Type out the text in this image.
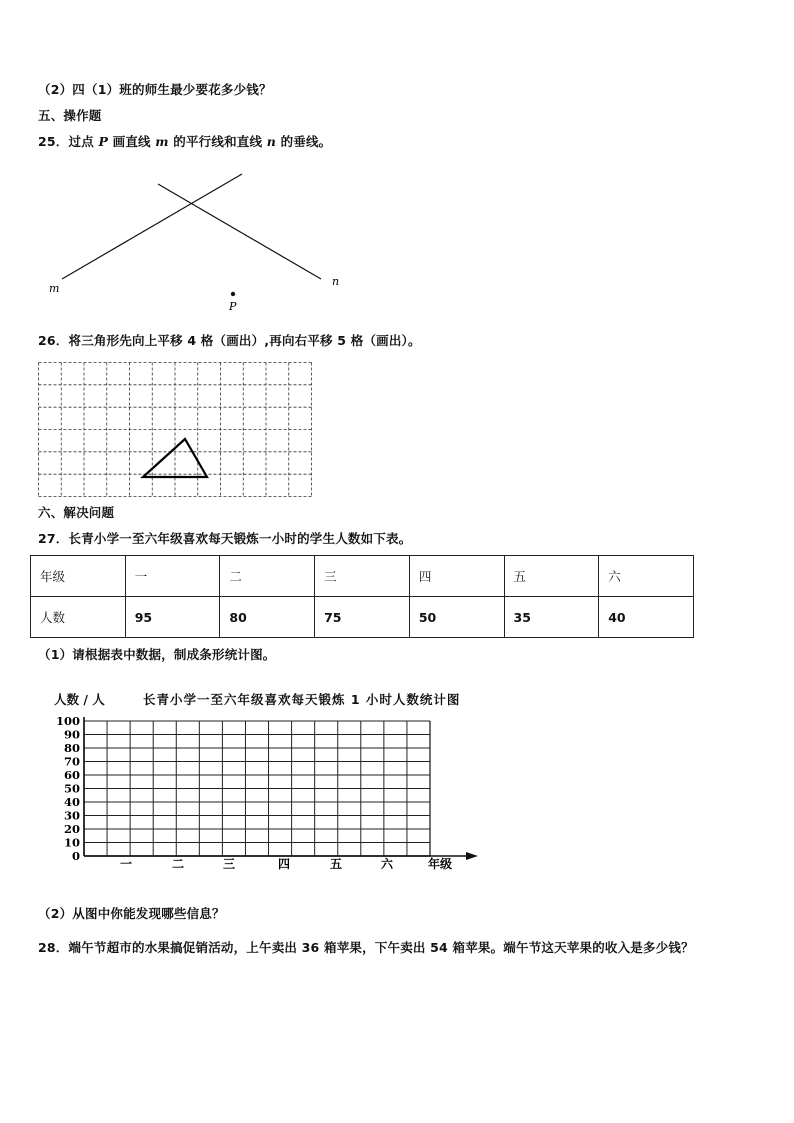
（2）四（1）班的师生最少要花多少钱？
五、操作题
25．过点 P 画直线 m 的平行线和直线 n 的垂线。
m
n
P
26．将三角形先向上平移 4 格（画出）,再向右平移 5 格（画出）。
六、解决问题
27．长青小学一至六年级喜欢每天锻炼一小时的学生人数如下表。
年级	一	二	三	四	五	六
人数	95	80	75	50	35	40
（1）请根据表中数据，制成条形统计图。
人数 / 人	长青小学一至六年级喜欢每天锻炼 1 小时人数统计图
0
10
20
30
40
50
60
70
80
90
100
一	二	三	四	五	六	年级
（2）从图中你能发现哪些信息？
28．端午节超市的水果搞促销活动，上午卖出 36 箱苹果，下午卖出 54 箱苹果。端午节这天苹果的收入是多少钱？
